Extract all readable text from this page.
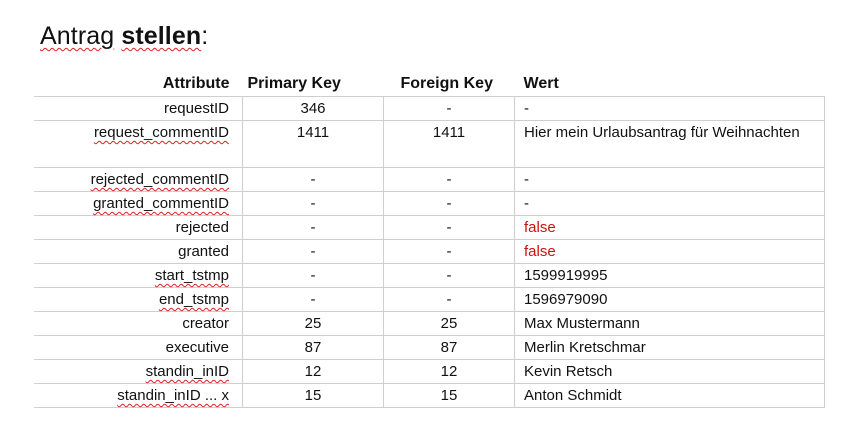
Antrag stellen:
Attribute	Primary Key	Foreign Key	Wert
requestID	346	-	-
request_commentID	1411	1411	Hier mein Urlaubsantrag für Weihnachten
rejected_commentID	-	-	-
granted_commentID	-	-	-
rejected	-	-	false
granted	-	-	false
start_tstmp	-	-	1599919995
end_tstmp	-	-	1596979090
creator	25	25	Max Mustermann
executive	87	87	Merlin Kretschmar
standin_inID	12	12	Kevin Retsch
standin_inID ... x	15	15	Anton Schmidt
